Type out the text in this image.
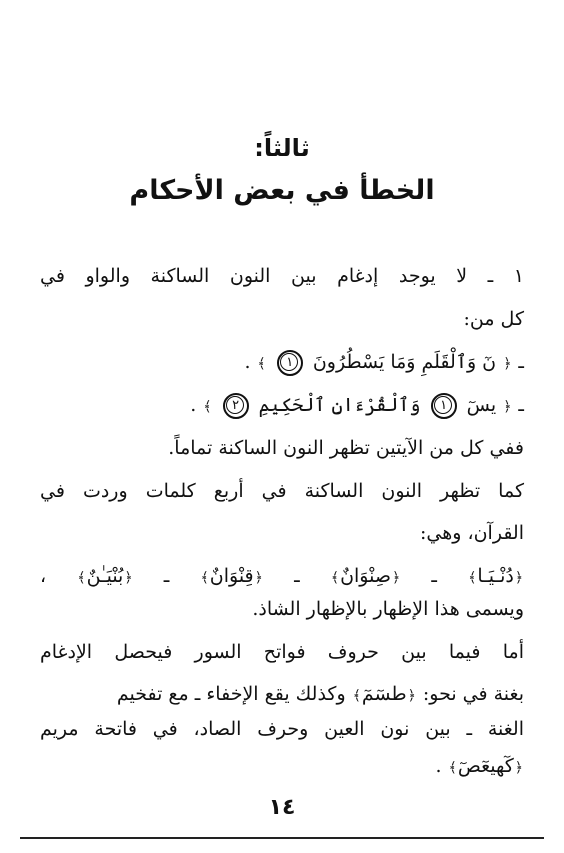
ثالثاً:
الخطأ في بعض الأحكام
١ ـ لا يوجد إدغام بين النون الساكنة والواو في
كل من:
ـ ﴿ نٓ وَٱلْقَلَمِ وَمَا يَسْطُرُونَ ١ ﴾ .
ـ ﴿ يسٓ ١ وَٱلْقُرْءَانِ ٱلْحَكِيمِ ٢ ﴾ .
ففي كل من الآيتين تظهر النون الساكنة تماماً.
كما تظهر النون الساكنة في أربع كلمات وردت في
القرآن، وهي:
﴿دُنْـيَـا﴾ ـ ﴿صِنْوَانٌ﴾ ـ ﴿قِنْوَانٌ﴾ ـ ﴿بُنْيَـٰنٌ﴾ ،
ويسمى هذا الإظهار بالإظهار الشاذ.
أما فيما بين حروف فواتح السور فيحصل الإدغام
بغنة في نحو: ﴿طسٓمٓ﴾ وكذلك يقع الإخفاء ـ مع تفخيم
الغنة ـ بين نون العين وحرف الصاد، في فاتحة مريم
﴿كٓهيعٓصٓ﴾ .
١٤
